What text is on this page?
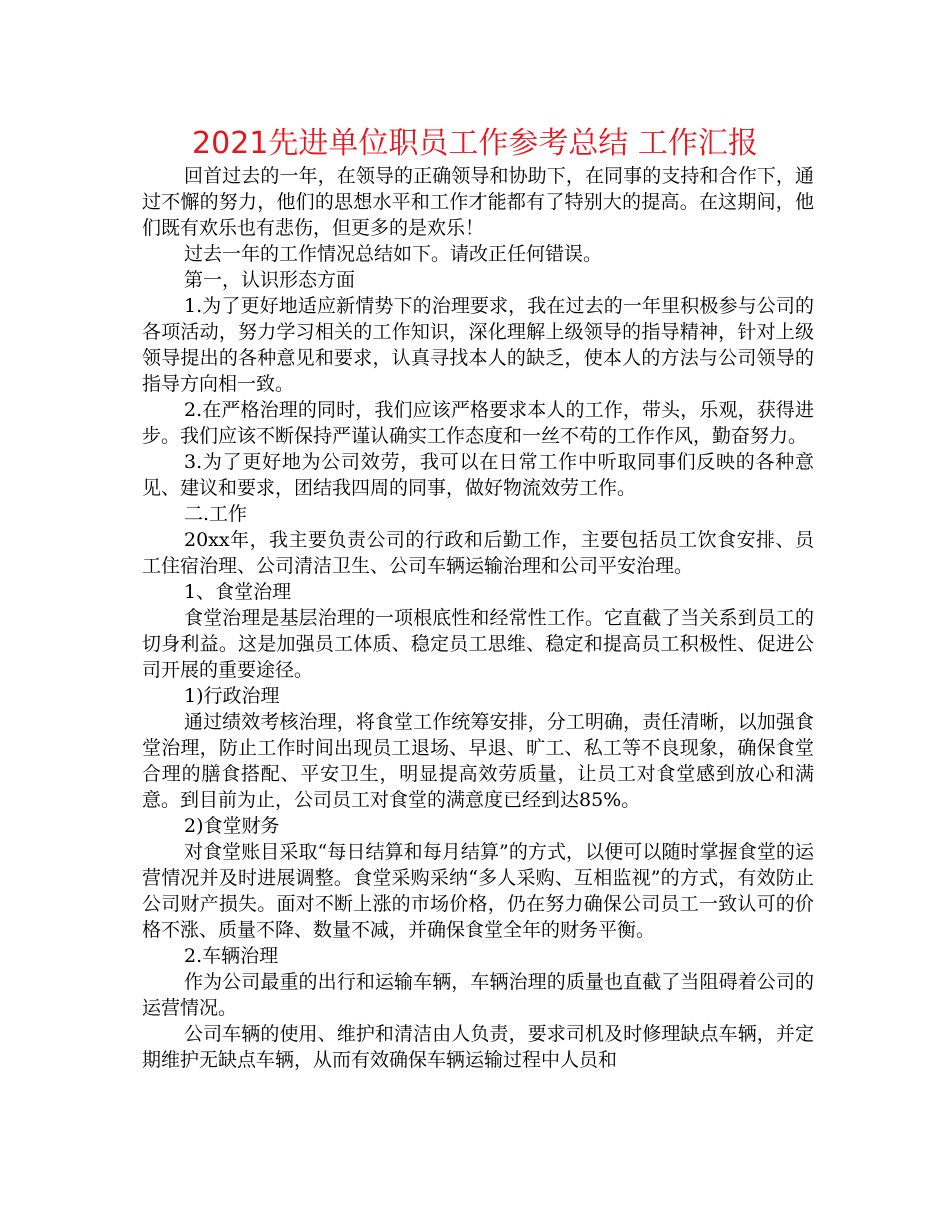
2021先进单位职员工作参考总结 工作汇报

回首过去的一年，在领导的正确领导和协助下，在同事的支持和合作下，通过不懈的努力，他们的思想水平和工作才能都有了特别大的提高。在这期间，他们既有欢乐也有悲伤，但更多的是欢乐！

过去一年的工作情况总结如下。请改正任何错误。

第一，认识形态方面

1.为了更好地适应新情势下的治理要求，我在过去的一年里积极参与公司的各项活动，努力学习相关的工作知识，深化理解上级领导的指导精神，针对上级领导提出的各种意见和要求，认真寻找本人的缺乏，使本人的方法与公司领导的指导方向相一致。

2.在严格治理的同时，我们应该严格要求本人的工作，带头，乐观，获得进步。我们应该不断保持严谨认确实工作态度和一丝不苟的工作作风，勤奋努力。

3.为了更好地为公司效劳，我可以在日常工作中听取同事们反映的各种意见、建议和要求，团结我四周的同事，做好物流效劳工作。

二.工作

20xx年，我主要负责公司的行政和后勤工作，主要包括员工饮食安排、员工住宿治理、公司清洁卫生、公司车辆运输治理和公司平安治理。

1、食堂治理

食堂治理是基层治理的一项根底性和经常性工作。它直截了当关系到员工的切身利益。这是加强员工体质、稳定员工思维、稳定和提高员工积极性、促进公司开展的重要途径。

1)行政治理

通过绩效考核治理，将食堂工作统筹安排，分工明确，责任清晰，以加强食堂治理，防止工作时间出现员工退场、早退、旷工、私工等不良现象，确保食堂合理的膳食搭配、平安卫生，明显提高效劳质量，让员工对食堂感到放心和满意。到目前为止，公司员工对食堂的满意度已经到达85%。

2)食堂财务

对食堂账目采取“每日结算和每月结算”的方式，以便可以随时掌握食堂的运营情况并及时进展调整。食堂采购采纳“多人采购、互相监视”的方式，有效防止公司财产损失。面对不断上涨的市场价格，仍在努力确保公司员工一致认可的价格不涨、质量不降、数量不减，并确保食堂全年的财务平衡。

2.车辆治理

作为公司最重的出行和运输车辆，车辆治理的质量也直截了当阻碍着公司的运营情况。

公司车辆的使用、维护和清洁由人负责，要求司机及时修理缺点车辆，并定期维护无缺点车辆，从而有效确保车辆运输过程中人员和
